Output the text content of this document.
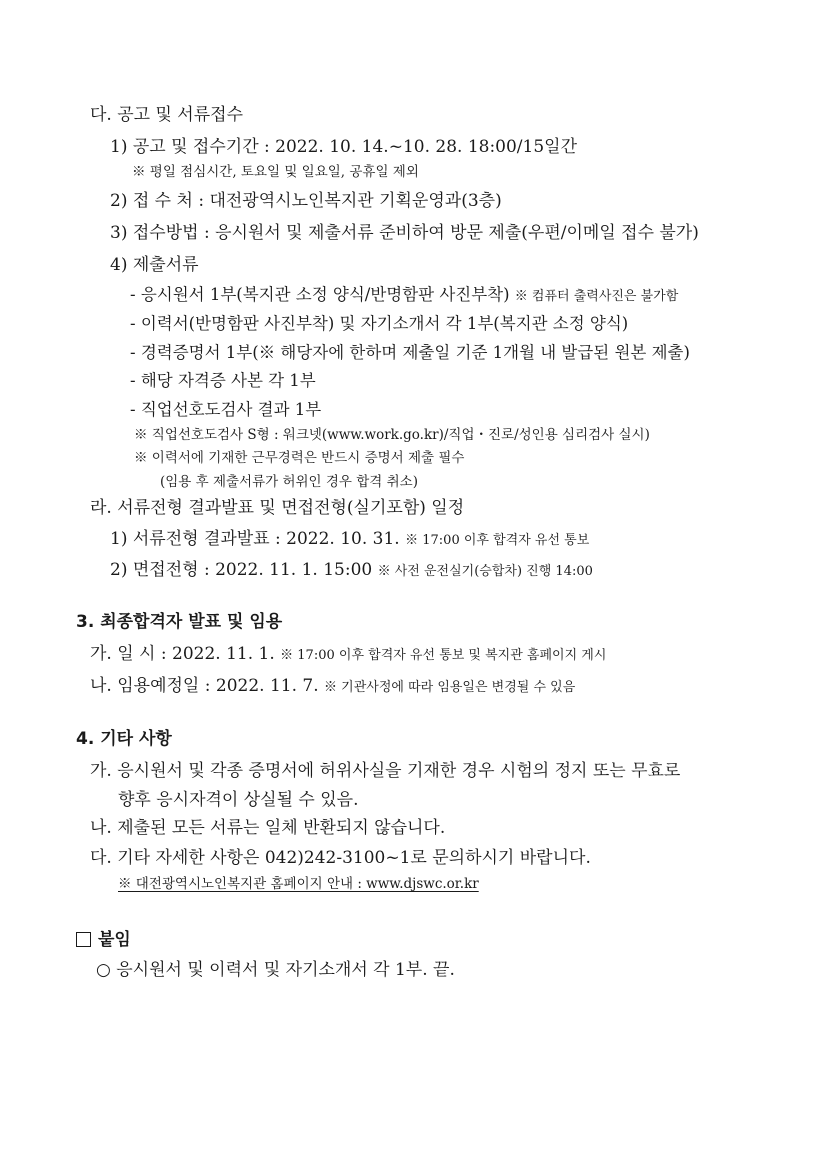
다. 공고 및 서류접수
1) 공고 및 접수기간 : 2022. 10. 14.~10. 28. 18:00/15일간
※ 평일 점심시간, 토요일 및 일요일, 공휴일 제외
2) 접 수 처 : 대전광역시노인복지관 기획운영과(3층)
3) 접수방법 : 응시원서 및 제출서류 준비하여 방문 제출(우편/이메일 접수 불가)
4) 제출서류
- 응시원서 1부(복지관 소정 양식/반명함판 사진부착) ※ 컴퓨터 출력사진은 불가함
- 이력서(반명함판 사진부착) 및 자기소개서 각 1부(복지관 소정 양식)
- 경력증명서 1부(※ 해당자에 한하며 제출일 기준 1개월 내 발급된 원본 제출)
- 해당 자격증 사본 각 1부
- 직업선호도검사 결과 1부
※ 직업선호도검사 S형 : 워크넷(www.work.go.kr)/직업・진로/성인용 심리검사 실시)
※ 이력서에 기재한 근무경력은 반드시 증명서 제출 필수
(임용 후 제출서류가 허위인 경우 합격 취소)
라. 서류전형 결과발표 및 면접전형(실기포함) 일정
1) 서류전형 결과발표 : 2022. 10. 31. ※ 17:00 이후 합격자 유선 통보
2) 면접전형 : 2022. 11. 1. 15:00 ※ 사전 운전실기(승합차) 진행 14:00
3. 최종합격자 발표 및 임용
가. 일 시 : 2022. 11. 1. ※ 17:00 이후 합격자 유선 통보 및 복지관 홈페이지 게시
나. 임용예정일 : 2022. 11. 7. ※ 기관사정에 따라 임용일은 변경될 수 있음
4. 기타 사항
가. 응시원서 및 각종 증명서에 허위사실을 기재한 경우 시험의 정지 또는 무효로
향후 응시자격이 상실될 수 있음.
나. 제출된 모든 서류는 일체 반환되지 않습니다.
다. 기타 자세한 사항은 042)242-3100~1로 문의하시기 바랍니다.
※ 대전광역시노인복지관 홈페이지 안내 : www.djswc.or.kr
붙임
○ 응시원서 및 이력서 및 자기소개서 각 1부. 끝.
